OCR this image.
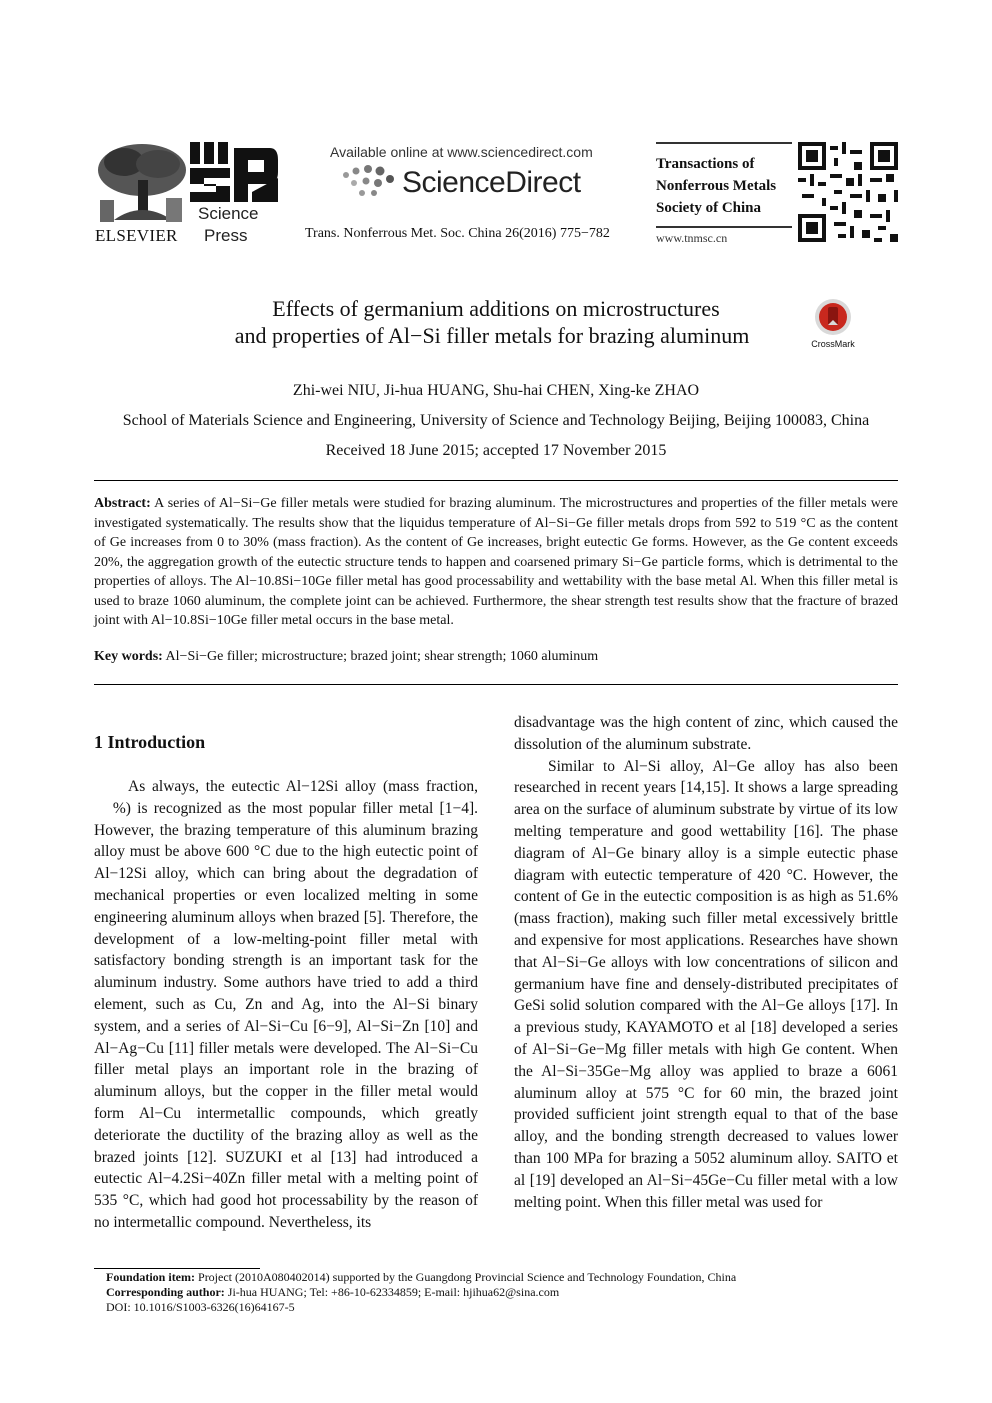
ELSEVIER
Science
Press
Available online at www.sciencedirect.com
ScienceDirect
Trans. Nonferrous Met. Soc. China 26(2016) 775−782
Transactions of
Nonferrous Metals
Society of China
www.tnmsc.cn
Effects of germanium additions on microstructures
and properties of Al−Si filler metals for brazing aluminum	CrossMark
Zhi-wei NIU, Ji-hua HUANG, Shu-hai CHEN, Xing-ke ZHAO
School of Materials Science and Engineering, University of Science and Technology Beijing, Beijing 100083, China
Received 18 June 2015; accepted 17 November 2015
Abstract: A series of Al−Si−Ge filler metals were studied for brazing aluminum. The microstructures and properties of the filler metals were investigated systematically. The results show that the liquidus temperature of Al−Si−Ge filler metals drops from 592 to 519 °C as the content of Ge increases from 0 to 30% (mass fraction). As the content of Ge increases, bright eutectic Ge forms. However, as the Ge content exceeds 20%, the aggregation growth of the eutectic structure tends to happen and coarsened primary Si−Ge particle forms, which is detrimental to the properties of alloys. The Al−10.8Si−10Ge filler metal has good processability and wettability with the base metal Al. When this filler metal is used to braze 1060 aluminum, the complete joint can be achieved. Furthermore, the shear strength test results show that the fracture of brazed joint with Al−10.8Si−10Ge filler metal occurs in the base metal.
Key words: Al−Si−Ge filler; microstructure; brazed joint; shear strength; 1060 aluminum
1 Introduction

As always, the eutectic Al−12Si alloy (mass fraction,    %) is recognized as the most popular filler metal [1−4]. However, the brazing temperature of this aluminum brazing alloy must be above 600 °C due to the high eutectic point of Al−12Si alloy, which can bring about the degradation of mechanical properties or even localized melting in some engineering aluminum alloys when brazed [5]. Therefore, the development of a low-melting-point filler metal with satisfactory bonding strength is an important task for the aluminum industry. Some authors have tried to add a third element, such as Cu, Zn and Ag, into the Al−Si binary system, and a series of Al−Si−Cu [6−9], Al−Si−Zn [10] and Al−Ag−Cu [11] filler metals were developed. The Al−Si−Cu filler metal plays an important role in the brazing of aluminum alloys, but the copper in the filler metal would form Al−Cu intermetallic compounds, which greatly deteriorate the ductility of the brazing alloy as well as the brazed joints [12]. SUZUKI et al [13] had introduced a eutectic Al−4.2Si−40Zn filler metal with a melting point of 535 °C, which had good hot processability by the reason of no intermetallic compound. Nevertheless, its

disadvantage was the high content of zinc, which caused the dissolution of the aluminum substrate.

Similar to Al−Si alloy, Al−Ge alloy has also been researched in recent years [14,15]. It shows a large spreading area on the surface of aluminum substrate by virtue of its low melting temperature and good wettability [16]. The phase diagram of Al−Ge binary alloy is a simple eutectic phase diagram with eutectic temperature of 420 °C. However, the content of Ge in the eutectic composition is as high as 51.6% (mass fraction), making such filler metal excessively brittle and expensive for most applications. Researches have shown that Al−Si−Ge alloys with low concentrations of silicon and germanium have fine and densely-distributed precipitates of GeSi solid solution compared with the Al−Ge alloys [17]. In a previous study, KAYAMOTO et al [18] developed a series of Al−Si−Ge−Mg filler metals with high Ge content. When the Al−Si−35Ge−Mg alloy was applied to braze a 6061 aluminum alloy at 575 °C for 60 min, the brazed joint provided sufficient joint strength equal to that of the base alloy, and the bonding strength decreased to values lower than 100 MPa for brazing a 5052 aluminum alloy. SAITO et al [19] developed an Al−Si−45Ge−Cu filler metal with a low melting point. When this filler metal was used for

Foundation item: Project (2010A080402014) supported by the Guangdong Provincial Science and Technology Foundation, China
Corresponding author: Ji-hua HUANG; Tel: +86-10-62334859; E-mail: hjihua62@sina.com
DOI: 10.1016/S1003-6326(16)64167-5
